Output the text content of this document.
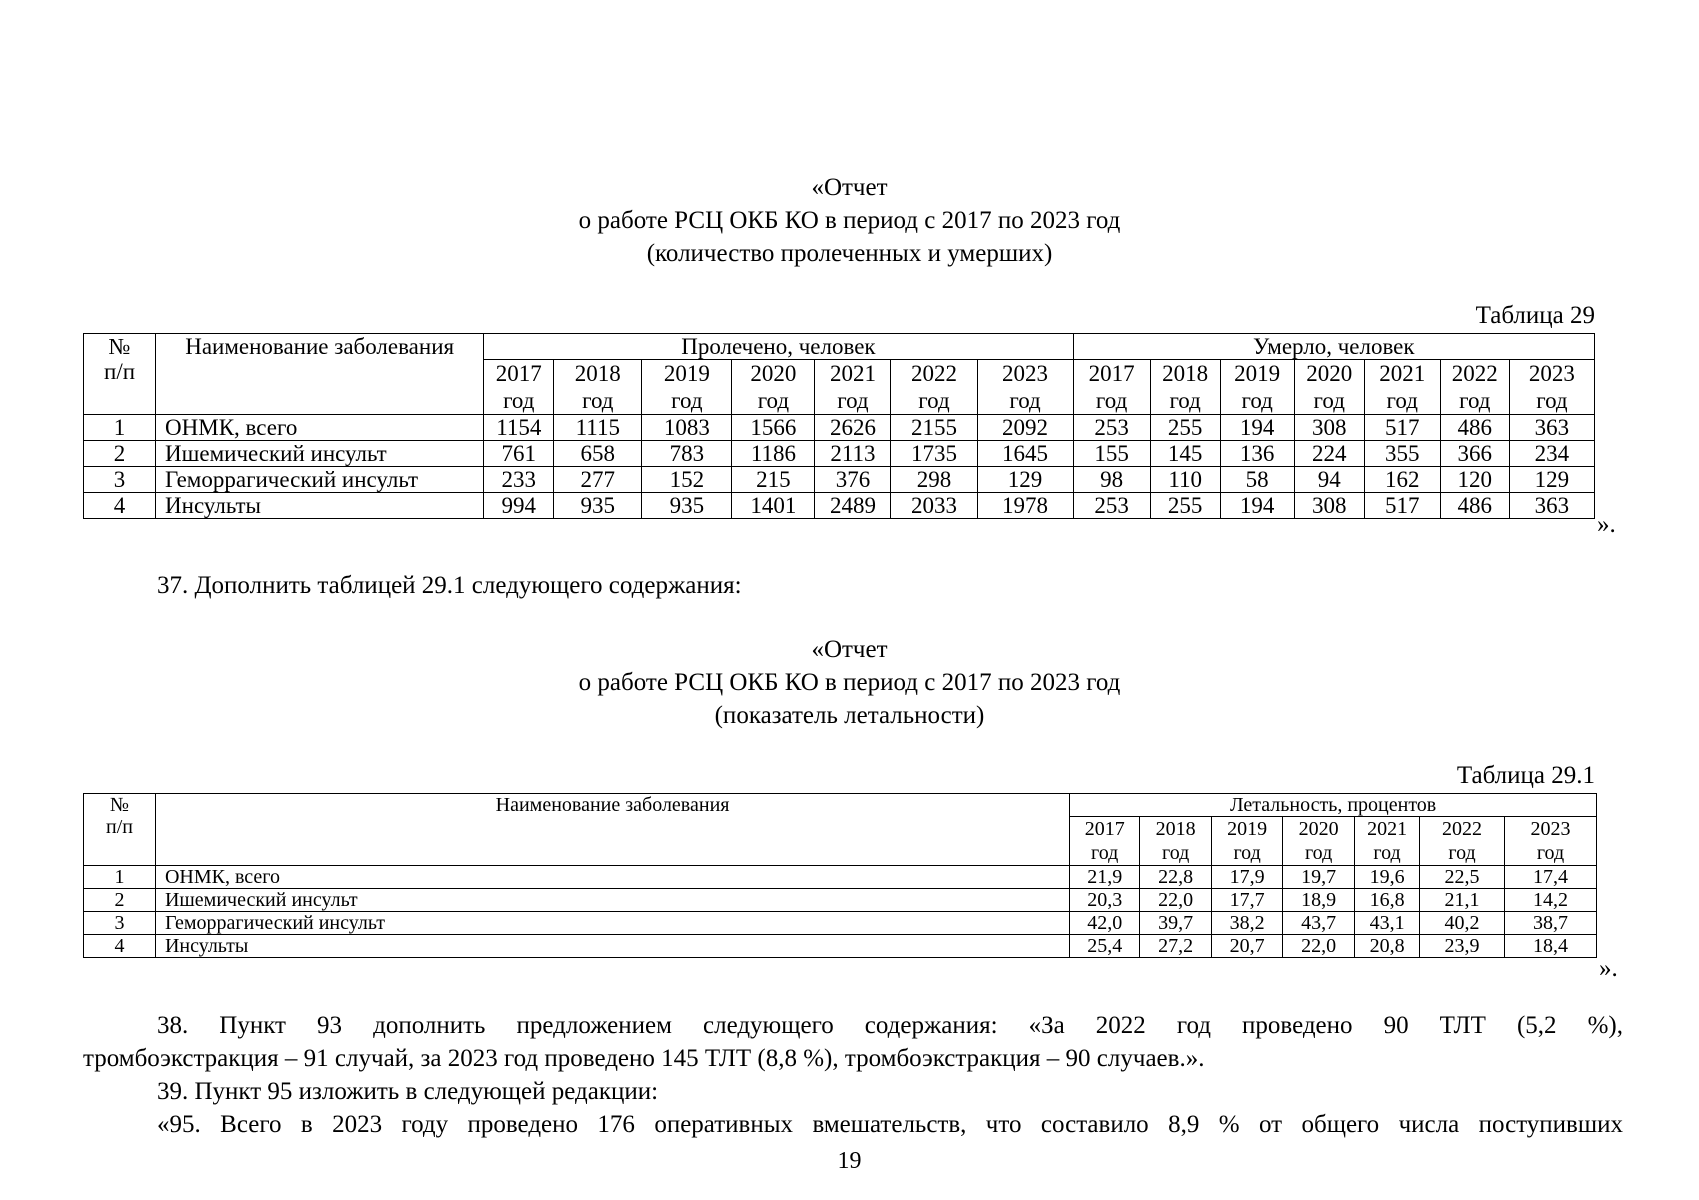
«Отчет
о работе РСЦ ОКБ КО в период с 2017 по 2023 год
(количество пролеченных и умерших)
Таблица 29
№
п/п	Наименование заболевания	Пролечено, человек							Умерло, человек						

		2017
год	2018
год	2019
год	2020
год	2021
год	2022
год	2023
год	2017
год	2018
год	2019
год	2020
год	2021
год	2022
год	2023
год

1	ОНМК, всего	1154	1115	1083	1566	2626	2155	2092	253	255	194	308	517	486	363
2	Ишемический инсульт	761	658	783	1186	2113	1735	1645	155	145	136	224	355	366	234
3	Геморрагический инсульт	233	277	152	215	376	298	129	98	110	58	94	162	120	129
4	Инсульты	994	935	935	1401	2489	2033	1978	253	255	194	308	517	486	363
».
37. Дополнить таблицей 29.1 следующего содержания:
«Отчет
о работе РСЦ ОКБ КО в период с 2017 по 2023 год
(показатель летальности)
Таблица 29.1
№
п/п	Наименование заболевания	Летальность, процентов						

		2017
год	2018
год	2019
год	2020
год	2021
год	2022
год	2023
год

1	ОНМК, всего	21,9	22,8	17,9	19,7	19,6	22,5	17,4
2	Ишемический инсульт	20,3	22,0	17,7	18,9	16,8	21,1	14,2
3	Геморрагический инсульт	42,0	39,7	38,2	43,7	43,1	40,2	38,7
4	Инсульты	25,4	27,2	20,7	22,0	20,8	23,9	18,4
».
38. Пункт 93 дополнить предложением следующего содержания: «За 2022 год проведено 90 ТЛТ (5,2 %),
тромбоэкстракция – 91 случай, за 2023 год проведено 145 ТЛТ (8,8 %), тромбоэкстракция – 90 случаев.».
39. Пункт 95 изложить в следующей редакции:
«95. Всего в 2023 году проведено 176 оперативных вмешательств, что составило 8,9 % от общего числа поступивших
19
